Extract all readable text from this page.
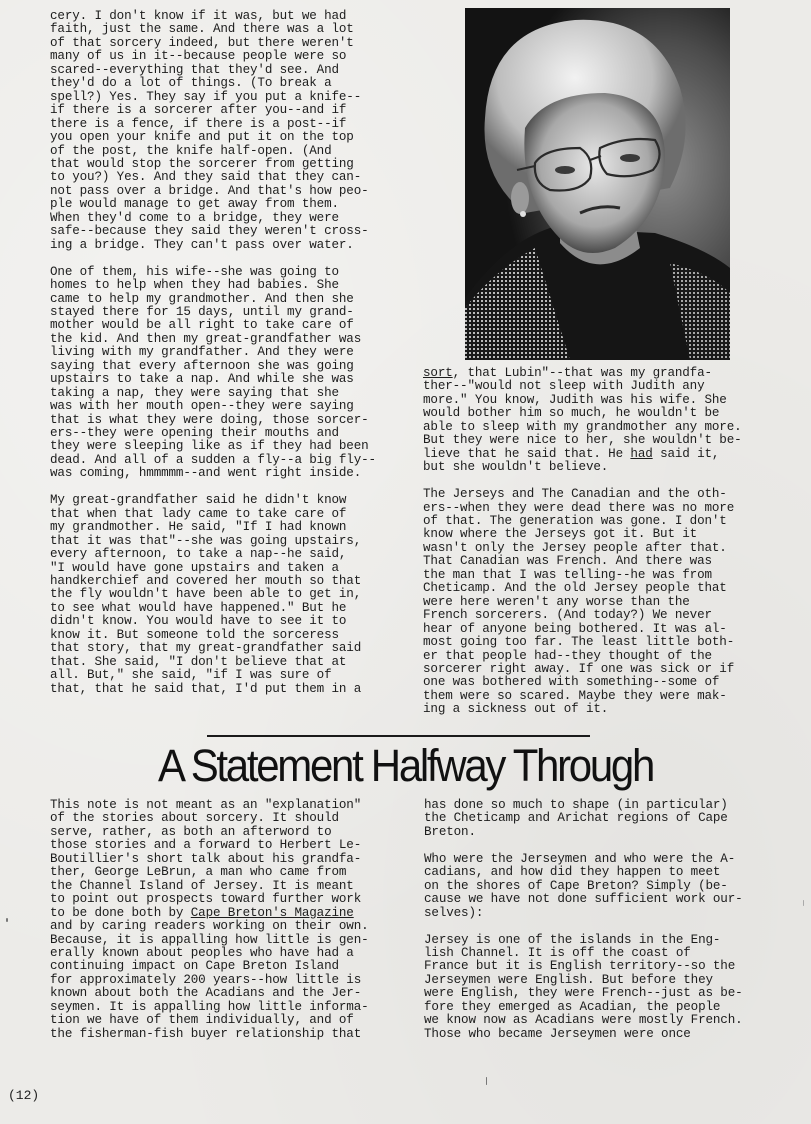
cery. I don't know if it was, but we had
faith, just the same. And there was a lot
of that sorcery indeed, but there weren't
many of us in it--because people were so
scared--everything that they'd see. And
they'd do a lot of things. (To break a
spell?) Yes. They say if you put a knife--
if there is a sorcerer after you--and if
there is a fence, if there is a post--if
you open your knife and put it on the top
of the post, the knife half-open. (And
that would stop the sorcerer from getting
to you?) Yes. And they said that they can-
not pass over a bridge. And that's how peo-
ple would manage to get away from them.
When they'd come to a bridge, they were
safe--because they said they weren't cross-
ing a bridge. They can't pass over water.
One of them, his wife--she was going to
homes to help when they had babies. She
came to help my grandmother. And then she
stayed there for 15 days, until my grand-
mother would be all right to take care of
the kid. And then my great-grandfather was
living with my grandfather. And they were
saying that every afternoon she was going
upstairs to take a nap. And while she was
taking a nap, they were saying that she
was with her mouth open--they were saying
that is what they were doing, those sorcer-
ers--they were opening their mouths and
they were sleeping like as if they had been
dead. And all of a sudden a fly--a big fly--
was coming, hmmmmm--and went right inside.
My great-grandfather said he didn't know
that when that lady came to take care of
my grandmother. He said, "If I had known
that it was that"--she was going upstairs,
every afternoon, to take a nap--he said,
"I would have gone upstairs and taken a
handkerchief and covered her mouth so that
the fly wouldn't have been able to get in,
to see what would have happened." But he
didn't know. You would have to see it to
know it. But someone told the sorceress
that story, that my great-grandfather said
that. She said, "I don't believe that at
all. But," she said, "if I was sure of
that, that he said that, I'd put them in a
sort, that Lubin"--that was my grandfa-
ther--"would not sleep with Judith any
more." You know, Judith was his wife. She
would bother him so much, he wouldn't be
able to sleep with my grandmother any more.
But they were nice to her, she wouldn't be-
lieve that he said that. He had said it,
but she wouldn't believe.
The Jerseys and The Canadian and the oth-
ers--when they were dead there was no more
of that. The generation was gone. I don't
know where the Jerseys got it. But it
wasn't only the Jersey people after that.
That Canadian was French. And there was
the man that I was telling--he was from
Cheticamp. And the old Jersey people that
were here weren't any worse than the
French sorcerers. (And today?) We never
hear of anyone being bothered. It was al-
most going too far. The least little both-
er that people had--they thought of the
sorcerer right away. If one was sick or if
one was bothered with something--some of
them were so scared. Maybe they were mak-
ing a sickness out of it.
A Statement Halfway Through
This note is not meant as an "explanation"
of the stories about sorcery. It should
serve, rather, as both an afterword to
those stories and a forward to Herbert Le-
Boutillier's short talk about his grandfa-
ther, George LeBrun, a man who came from
the Channel Island of Jersey. It is meant
to point out prospects toward further work
to be done both by Cape Breton's Magazine
and by caring readers working on their own.
Because, it is appalling how little is gen-
erally known about peoples who have had a
continuing impact on Cape Breton Island
for approximately 200 years--how little is
known about both the Acadians and the Jer-
seymen. It is appalling how little informa-
tion we have of them individually, and of
the fisherman-fish buyer relationship that
has done so much to shape (in particular)
the Cheticamp and Arichat regions of Cape
Breton.
Who were the Jerseymen and who were the A-
cadians, and how did they happen to meet
on the shores of Cape Breton? Simply (be-
cause we have not done sufficient work our-
selves):
Jersey is one of the islands in the Eng-
lish Channel. It is off the coast of
France but it is English territory--so the
Jerseymen were English. But before they
were English, they were French--just as be-
fore they emerged as Acadian, the people
we know now as Acadians were mostly French.
Those who became Jerseymen were once
(12)
